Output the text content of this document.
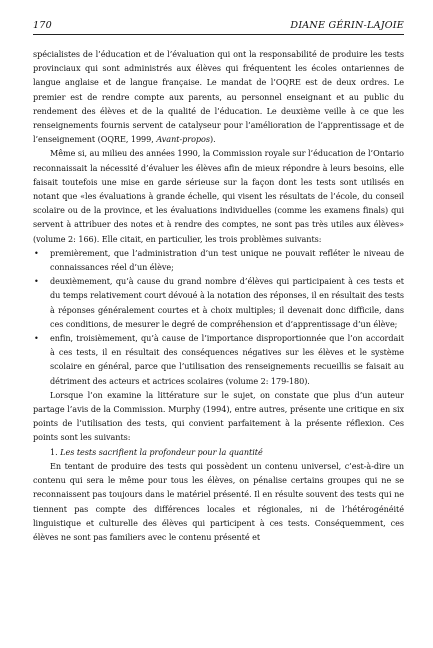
170	DIANE GÉRIN-LAJOIE

spécialistes de l’éducation et de l’évaluation qui ont la responsabilité de produire les tests provinciaux qui sont administrés aux élèves qui fréquentent les écoles ontariennes de langue anglaise et de langue française. Le mandat de l’OQRE est de deux ordres. Le premier est de rendre compte aux parents, au personnel enseignant et au public du rendement des élèves et de la qualité de l’éducation. Le deuxième veille à ce que les renseignements fournis servent de catalyseur pour l’amélioration de l’apprentissage et de l’enseignement (OQRE, 1999, Avant-propos).

Même si, au milieu des années 1990, la Commission royale sur l’éducation de l’Ontario reconnaissait la nécessité d’évaluer les élèves afin de mieux répondre à leurs besoins, elle faisait toutefois une mise en garde sérieuse sur la façon dont les tests sont utilisés en notant que «les évaluations à grande échelle, qui visent les résultats de l’école, du conseil scolaire ou de la province, et les évaluations individuelles (comme les examens finals) qui servent à attribuer des notes et à rendre des comptes, ne sont pas très utiles aux élèves» (volume 2: 166). Elle citait, en particulier, les trois problèmes suivants:

• premièrement, que l’administration d’un test unique ne pouvait refléter le niveau de connaissances réel d’un élève;

• deuxièmement, qu’à cause du grand nombre d’élèves qui participaient à ces tests et du temps relativement court dévoué à la notation des réponses, il en résultait des tests à réponses généralement courtes et à choix multiples; il devenait donc difficile, dans ces conditions, de mesurer le degré de compréhension et d’apprentissage d’un élève;

• enfin, troisièmement, qu’à cause de l’importance disproportionnée que l’on accordait à ces tests, il en résultait des conséquences négatives sur les élèves et le système scolaire en général, parce que l’utilisation des renseignements recueillis se faisait au détriment des acteurs et actrices scolaires (volume 2: 179-180).

Lorsque l’on examine la littérature sur le sujet, on constate que plus d’un auteur partage l’avis de la Commission. Murphy (1994), entre autres, présente une critique en six points de l’utilisation des tests, qui convient parfaitement à la présente réflexion. Ces points sont les suivants:

1. Les tests sacrifient la profondeur pour la quantité

En tentant de produire des tests qui possèdent un contenu universel, c’est-à-dire un contenu qui sera le même pour tous les élèves, on pénalise certains groupes qui ne se reconnaissent pas toujours dans le matériel présenté. Il en résulte souvent des tests qui ne tiennent pas compte des différences locales et régionales, ni de l’hétérogénéité linguistique et culturelle des élèves qui participent à ces tests. Conséquemment, ces élèves ne sont pas familiers avec le contenu présenté et
